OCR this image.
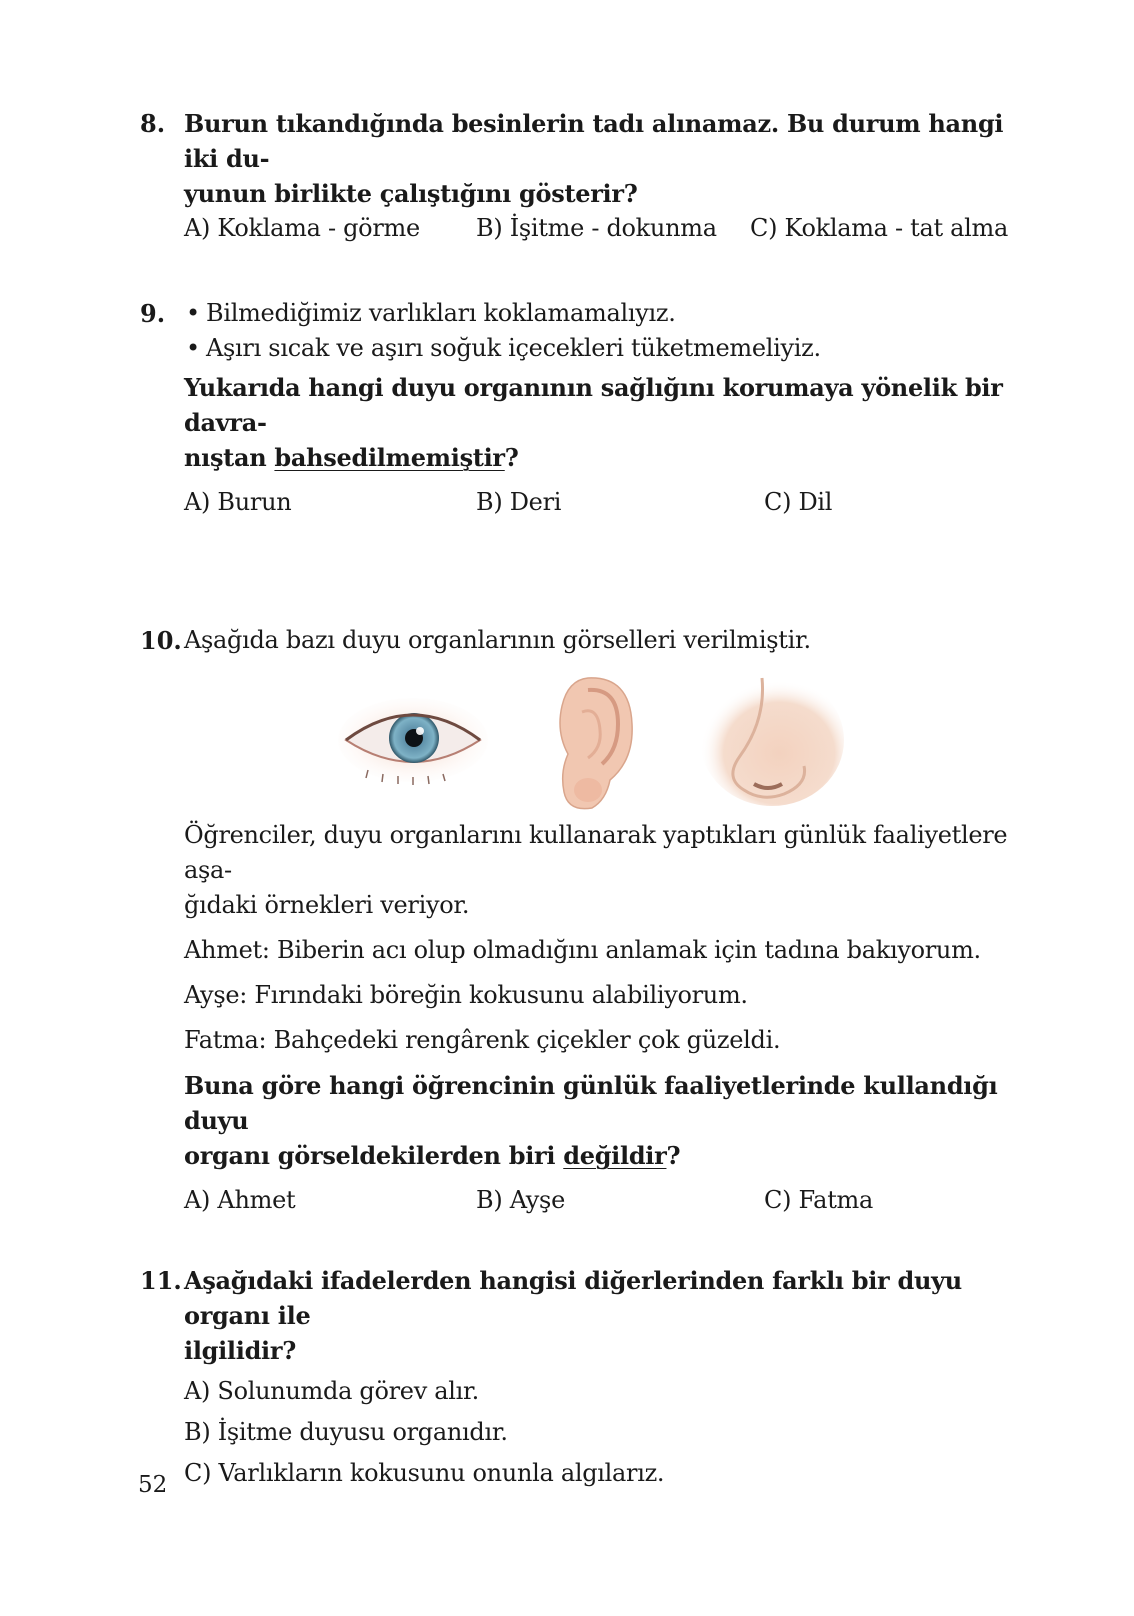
8. Burun tıkandığında besinlerin tadı alınamaz. Bu durum hangi iki du-
yunun birlikte çalıştığını gösterir?
A) Koklama - görme B) İşitme - dokunma C) Koklama - tat alma
9.
•	Bilmediğimiz varlıkları koklamamalıyız.
• Aşırı sıcak ve aşırı soğuk içecekleri tüketmemeliyiz.
Yukarıda hangi duyu organının sağlığını korumaya yönelik bir davra-
nıştan bahsedilmemiştir?
A) Burun	B) Deri	C) Dil
10. Aşağıda bazı duyu organlarının görselleri verilmiştir.
Öğrenciler, duyu organlarını kullanarak yaptıkları günlük faaliyetlere aşa-
ğıdaki örnekleri veriyor.
Ahmet: Biberin acı olup olmadığını anlamak için tadına bakıyorum.
Ayşe: Fırındaki böreğin kokusunu alabiliyorum.
Fatma: Bahçedeki rengârenk çiçekler çok güzeldi.
Buna göre hangi öğrencinin günlük faaliyetlerinde kullandığı duyu
organı görseldekilerden biri değildir?
A) Ahmet	B) Ayşe	C) Fatma
11. Aşağıdaki ifadelerden hangisi diğerlerinden farklı bir duyu organı ile
ilgilidir?
A) Solunumda görev alır.
B) İşitme duyusu organıdır.
C) Varlıkların kokusunu onunla algılarız.
52
